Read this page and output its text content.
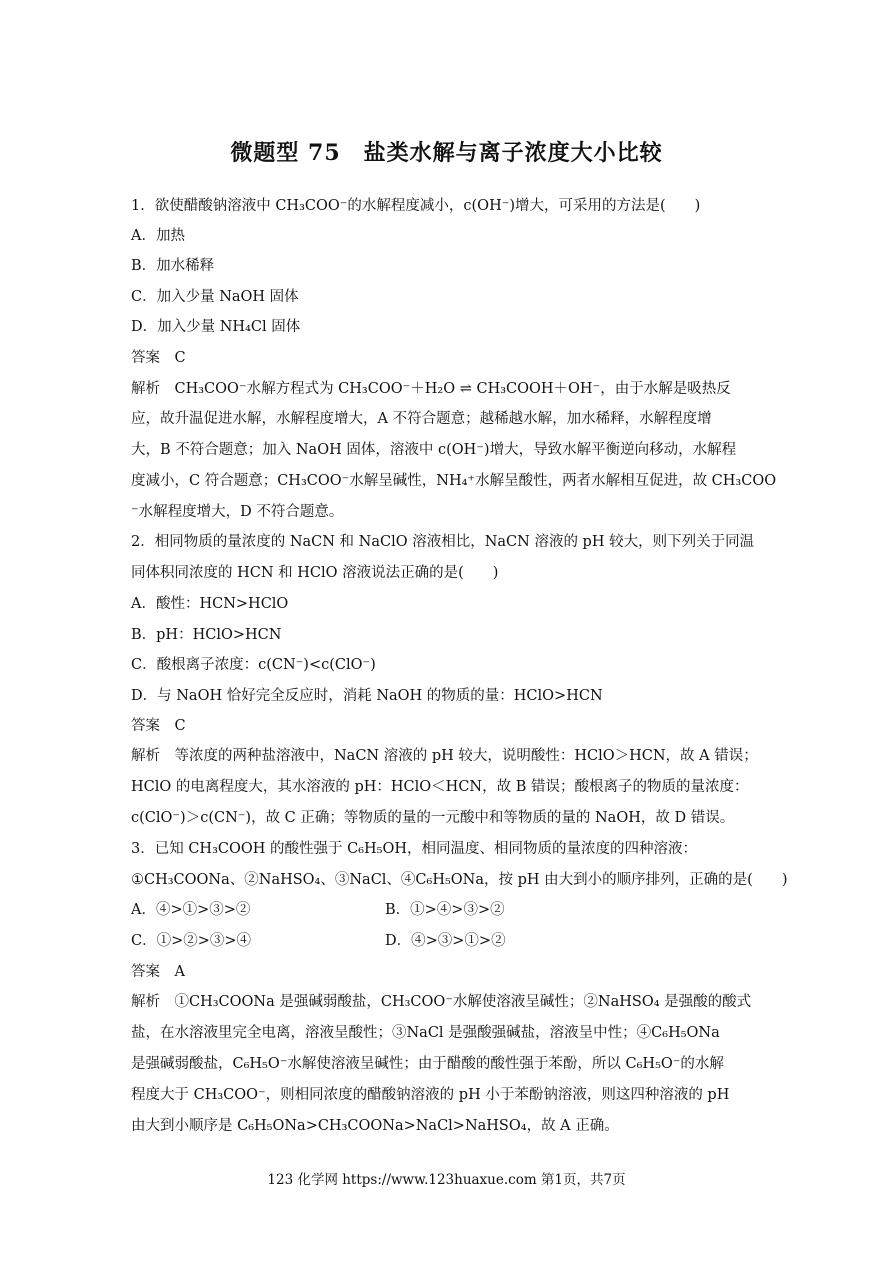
微题型 75　盐类水解与离子浓度大小比较
1．欲使醋酸钠溶液中 CH₃COO⁻的水解程度减小，c(OH⁻)增大，可采用的方法是(　　)
A．加热
B．加水稀释
C．加入少量 NaOH 固体
D．加入少量 NH₄Cl 固体
答案　C
解析　CH₃COO⁻水解方程式为 CH₃COO⁻＋H₂O ⇌ CH₃COOH＋OH⁻，由于水解是吸热反
应，故升温促进水解，水解程度增大，A 不符合题意；越稀越水解，加水稀释，水解程度增
大，B 不符合题意；加入 NaOH 固体，溶液中 c(OH⁻)增大，导致水解平衡逆向移动，水解程
度减小，C 符合题意；CH₃COO⁻水解呈碱性，NH₄⁺水解呈酸性，两者水解相互促进，故 CH₃COO
⁻水解程度增大，D 不符合题意。
2．相同物质的量浓度的 NaCN 和 NaClO 溶液相比，NaCN 溶液的 pH 较大，则下列关于同温
同体积同浓度的 HCN 和 HClO 溶液说法正确的是(　　)
A．酸性：HCN>HClO
B．pH：HClO>HCN
C．酸根离子浓度：c(CN⁻)<c(ClO⁻)
D．与 NaOH 恰好完全反应时，消耗 NaOH 的物质的量：HClO>HCN
答案　C
解析　等浓度的两种盐溶液中，NaCN 溶液的 pH 较大，说明酸性：HClO＞HCN，故 A 错误；
HClO 的电离程度大，其水溶液的 pH：HClO＜HCN，故 B 错误；酸根离子的物质的量浓度：
c(ClO⁻)＞c(CN⁻)，故 C 正确；等物质的量的一元酸中和等物质的量的 NaOH，故 D 错误。
3．已知 CH₃COOH 的酸性强于 C₆H₅OH，相同温度、相同物质的量浓度的四种溶液：
①CH₃COONa、②NaHSO₄、③NaCl、④C₆H₅ONa，按 pH 由大到小的顺序排列，正确的是(　　)
A．④>①>③>②	B．①>④>③>②
C．①>②>③>④	D．④>③>①>②
答案　A
解析　①CH₃COONa 是强碱弱酸盐，CH₃COO⁻水解使溶液呈碱性；②NaHSO₄ 是强酸的酸式
盐，在水溶液里完全电离，溶液呈酸性；③NaCl 是强酸强碱盐，溶液呈中性；④C₆H₅ONa
是强碱弱酸盐，C₆H₅O⁻水解使溶液呈碱性；由于醋酸的酸性强于苯酚，所以 C₆H₅O⁻的水解
程度大于 CH₃COO⁻，则相同浓度的醋酸钠溶液的 pH 小于苯酚钠溶液，则这四种溶液的 pH
由大到小顺序是 C₆H₅ONa>CH₃COONa>NaCl>NaHSO₄，故 A 正确。
123 化学网 https://www.123huaxue.com 第1页，共7页
